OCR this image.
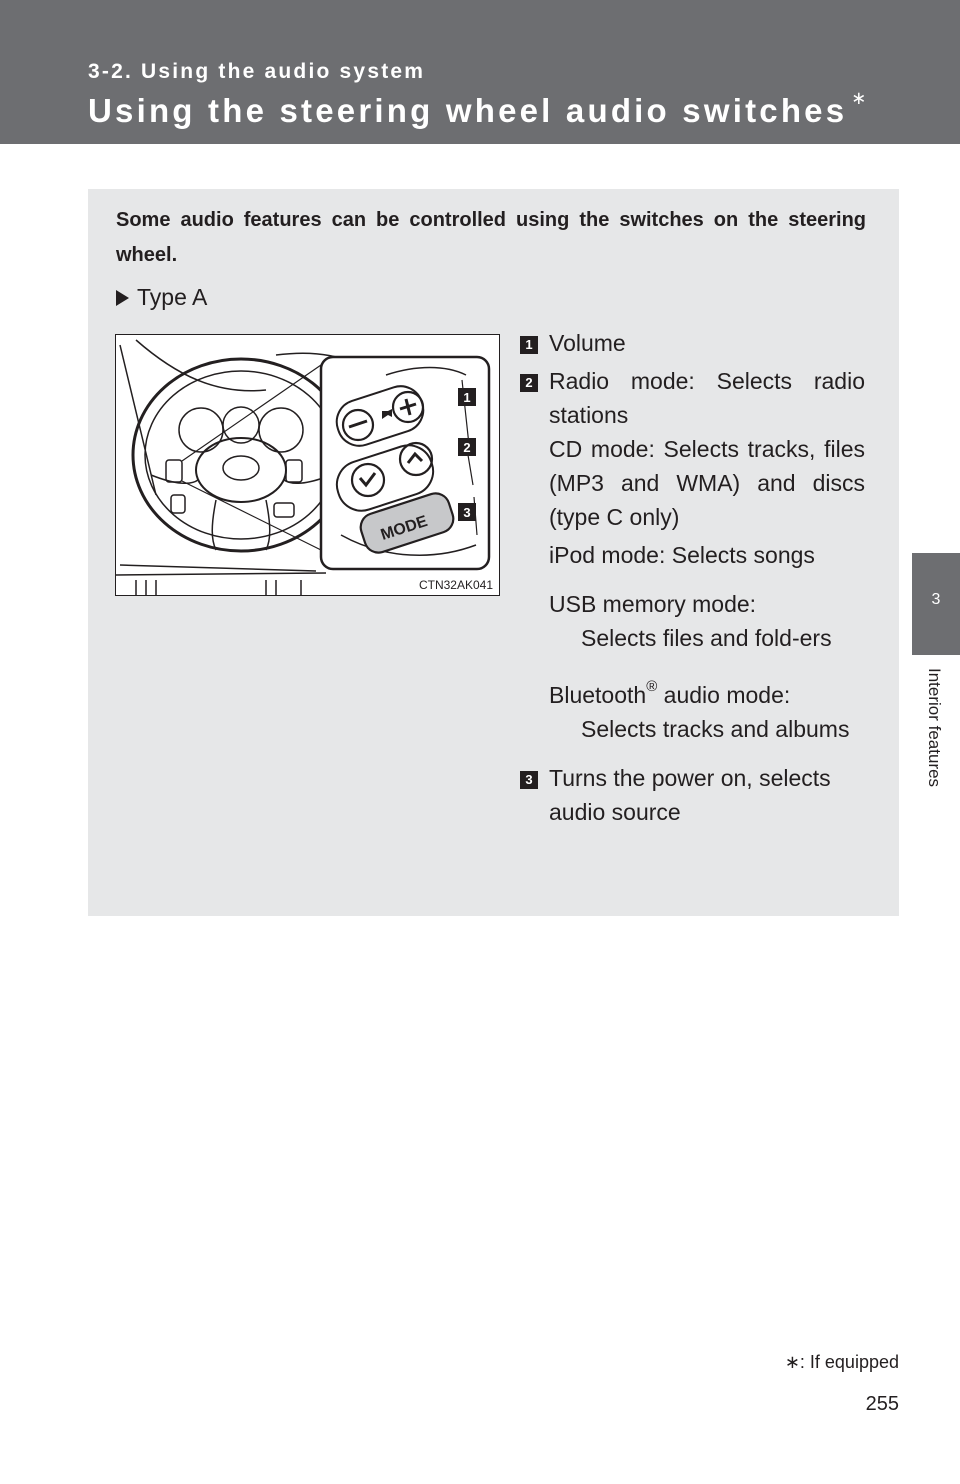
3-2. Using the audio system
Using the steering wheel audio switches ∗
3
Interior features
Some audio features can be controlled using the switches on the steering wheel.
Type A
MODE
1
2
3
CTN32AK041
1 Volume
2 Radio mode: Selects radio stations
CD mode: Selects tracks, files (MP3 and WMA) and discs (type C only)
iPod mode: Selects songs
USB memory mode:
Selects files and fold-ers
Bluetooth® audio mode:
Selects tracks and albums
3 Turns the power on, selects audio source
∗: If equipped
255
